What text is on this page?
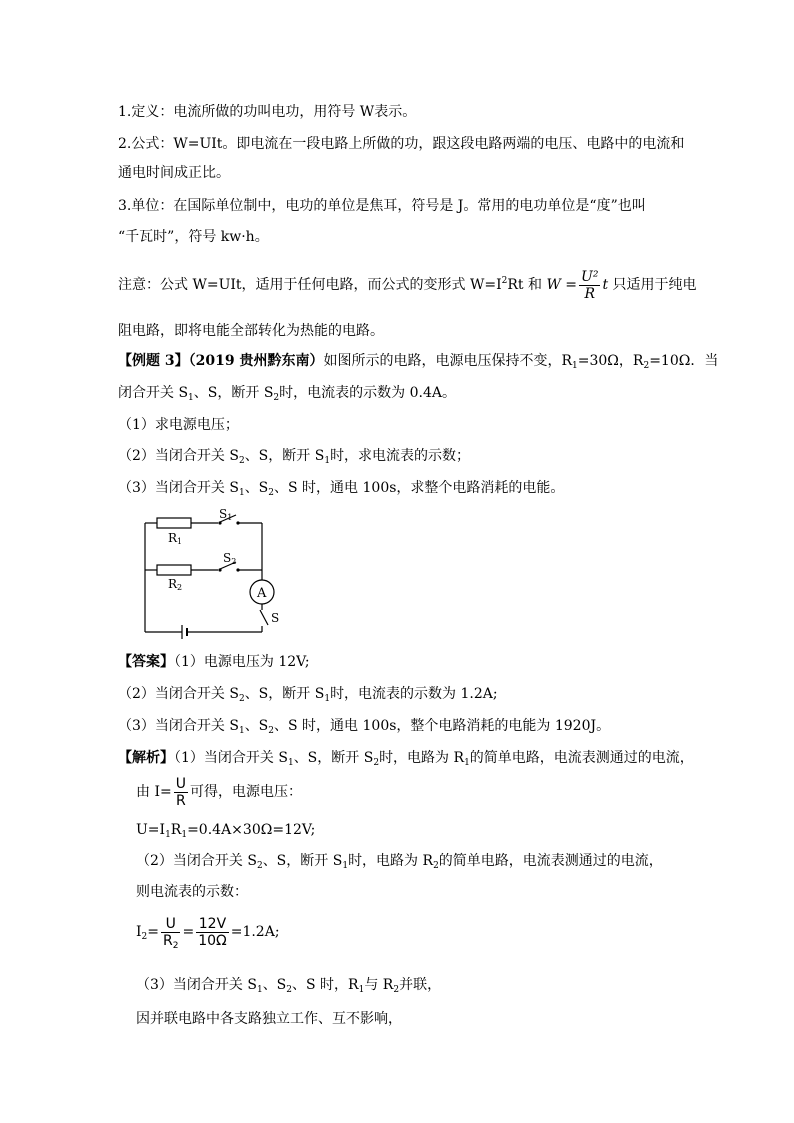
1.定义：电流所做的功叫电功，用符号 W表示。
2.公式：W=UIt。即电流在一段电路上所做的功，跟这段电路两端的电压、电路中的电流和
通电时间成正比。
3.单位：在国际单位制中，电功的单位是焦耳，符号是 J。常用的电功单位是“度”也叫
“千瓦时”，符号 kw·h。
注意：公式 W=UIt，适用于任何电路，而公式的变形式 $W=I^2Rt$ 和 $W = \frac{\text{U²}}{R}$ t 只适用于纯电
阻电路，即将电能全部转化为热能的电路。
【例题 3】（2019 贵州黔东南）如图所示的电路，电源电压保持不变，$R_1=30\Omega$，$R_2=10\Omega$．当
闭合开关 $S_1$、S，断开 $S_2$时，电流表的示数为 0.4A。
（1）求电源电压；
（2）当闭合开关 $S_2$、S，断开 $S_1$时，求电流表的示数；
（3）当闭合开关 $S_1$、$S_2$、S 时，通电 100s，求整个电路消耗的电能。
S1
R1
S2
R2	A
S
【答案】（1）电源电压为 12V;
（2）当闭合开关 $S_2$、S，断开 $S_1$时，电流表的示数为 1.2A;
（3）当闭合开关 $S_1$、$S_2$、S 时，通电 100s，整个电路消耗的电能为 1920J。
【解析】（1）当闭合开关 $S_1$、S，断开 $S_2$时，电路为 $R_1$的简单电路，电流表测通过的电流，
由 $I= \frac{U}{R}$ 可得，电源电压：
$U=I_1R_1=0.4A\times 30\Omega=12V$;
（2）当闭合开关 $S_2$、S，断开 $S_1$时，电路为 $R_2$的简单电路，电流表测通过的电流，
则电流表的示数：
$I_2= \frac{U}{R_2} = \frac{12V}{10\Omega} =1.2A$;
（3）当闭合开关 $S_1$、$S_2$、S 时，$R_1$与 $R_2$并联，
因并联电路中各支路独立工作、互不影响，
